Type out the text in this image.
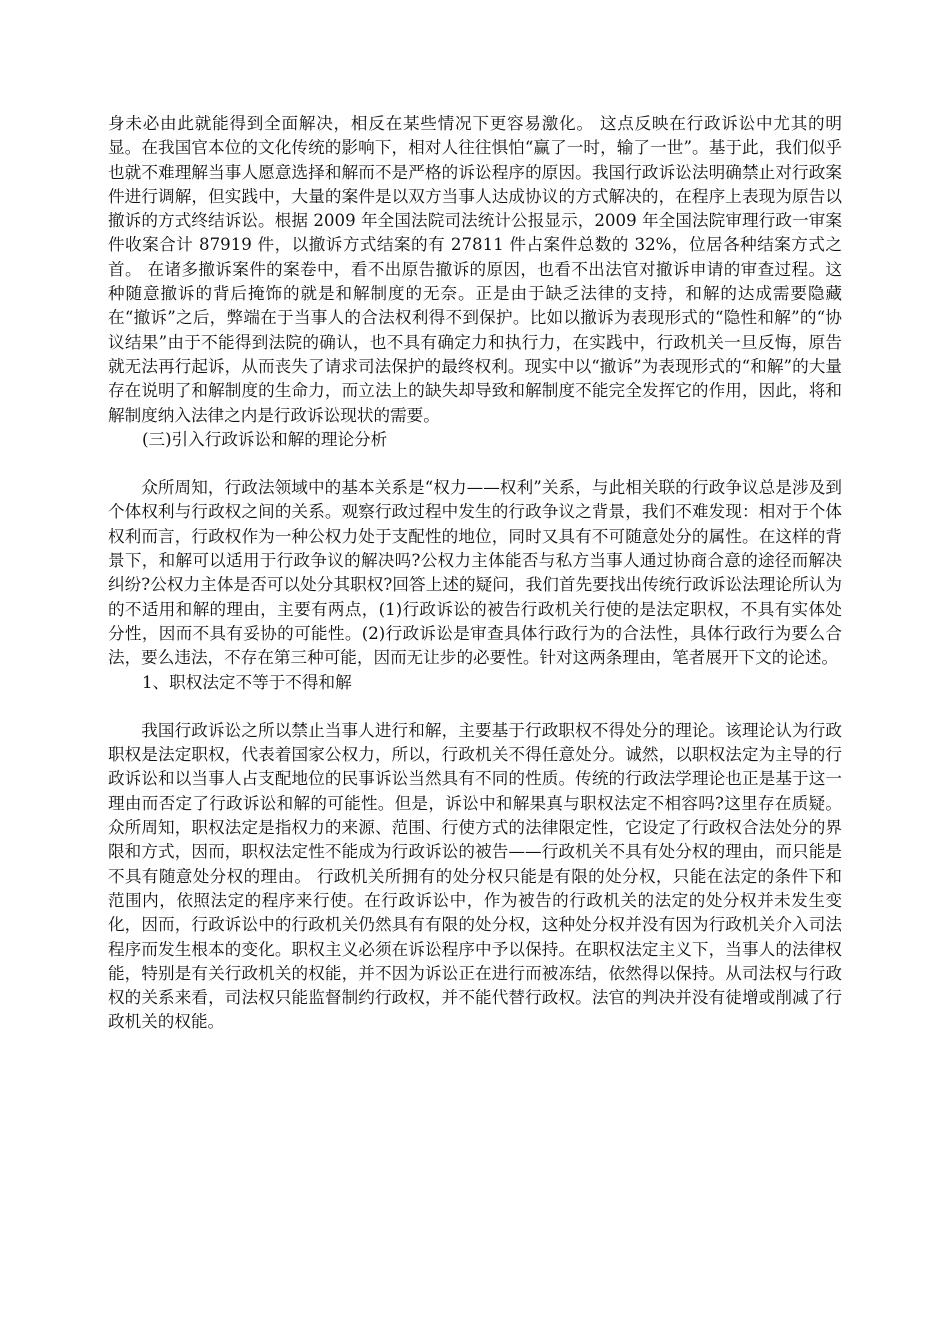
身未必由此就能得到全面解决，相反在某些情况下更容易激化。 这点反映在行政诉讼中尤其的明显。在我国官本位的文化传统的影响下，相对人往往惧怕“赢了一时，输了一世”。基于此，我们似乎也就不难理解当事人愿意选择和解而不是严格的诉讼程序的原因。我国行政诉讼法明确禁止对行政案件进行调解，但实践中，大量的案件是以双方当事人达成协议的方式解决的，在程序上表现为原告以撤诉的方式终结诉讼。根据 2009 年全国法院司法统计公报显示，2009 年全国法院审理行政一审案件收案合计 87919 件，以撤诉方式结案的有 27811 件占案件总数的 32%，位居各种结案方式之首。 在诸多撤诉案件的案卷中，看不出原告撤诉的原因，也看不出法官对撤诉申请的审查过程。这种随意撤诉的背后掩饰的就是和解制度的无奈。正是由于缺乏法律的支持，和解的达成需要隐藏在“撤诉”之后，弊端在于当事人的合法权利得不到保护。比如以撤诉为表现形式的“隐性和解”的“协议结果”由于不能得到法院的确认，也不具有确定力和执行力，在实践中，行政机关一旦反悔，原告就无法再行起诉，从而丧失了请求司法保护的最终权利。现实中以“撤诉”为表现形式的“和解”的大量存在说明了和解制度的生命力，而立法上的缺失却导致和解制度不能完全发挥它的作用，因此，将和解制度纳入法律之内是行政诉讼现状的需要。

(三)引入行政诉讼和解的理论分析

众所周知，行政法领域中的基本关系是“权力——权利”关系，与此相关联的行政争议总是涉及到个体权利与行政权之间的关系。观察行政过程中发生的行政争议之背景，我们不难发现：相对于个体权利而言，行政权作为一种公权力处于支配性的地位，同时又具有不可随意处分的属性。在这样的背景下，和解可以适用于行政争议的解决吗?公权力主体能否与私方当事人通过协商合意的途径而解决纠纷?公权力主体是否可以处分其职权?回答上述的疑问，我们首先要找出传统行政诉讼法理论所认为的不适用和解的理由，主要有两点，(1)行政诉讼的被告行政机关行使的是法定职权，不具有实体处分性，因而不具有妥协的可能性。(2)行政诉讼是审查具体行政行为的合法性，具体行政行为要么合法，要么违法，不存在第三种可能，因而无让步的必要性。针对这两条理由，笔者展开下文的论述。

1、职权法定不等于不得和解

我国行政诉讼之所以禁止当事人进行和解，主要基于行政职权不得处分的理论。该理论认为行政职权是法定职权，代表着国家公权力，所以，行政机关不得任意处分。诚然，以职权法定为主导的行政诉讼和以当事人占支配地位的民事诉讼当然具有不同的性质。传统的行政法学理论也正是基于这一理由而否定了行政诉讼和解的可能性。但是，诉讼中和解果真与职权法定不相容吗?这里存在质疑。众所周知，职权法定是指权力的来源、范围、行使方式的法律限定性，它设定了行政权合法处分的界限和方式，因而，职权法定性不能成为行政诉讼的被告——行政机关不具有处分权的理由，而只能是不具有随意处分权的理由。 行政机关所拥有的处分权只能是有限的处分权，只能在法定的条件下和范围内，依照法定的程序来行使。在行政诉讼中，作为被告的行政机关的法定的处分权并未发生变化，因而，行政诉讼中的行政机关仍然具有有限的处分权，这种处分权并没有因为行政机关介入司法程序而发生根本的变化。职权主义必须在诉讼程序中予以保持。在职权法定主义下，当事人的法律权能，特别是有关行政机关的权能，并不因为诉讼正在进行而被冻结，依然得以保持。从司法权与行政权的关系来看，司法权只能监督制约行政权，并不能代替行政权。法官的判决并没有徒增或削减了行政机关的权能。
